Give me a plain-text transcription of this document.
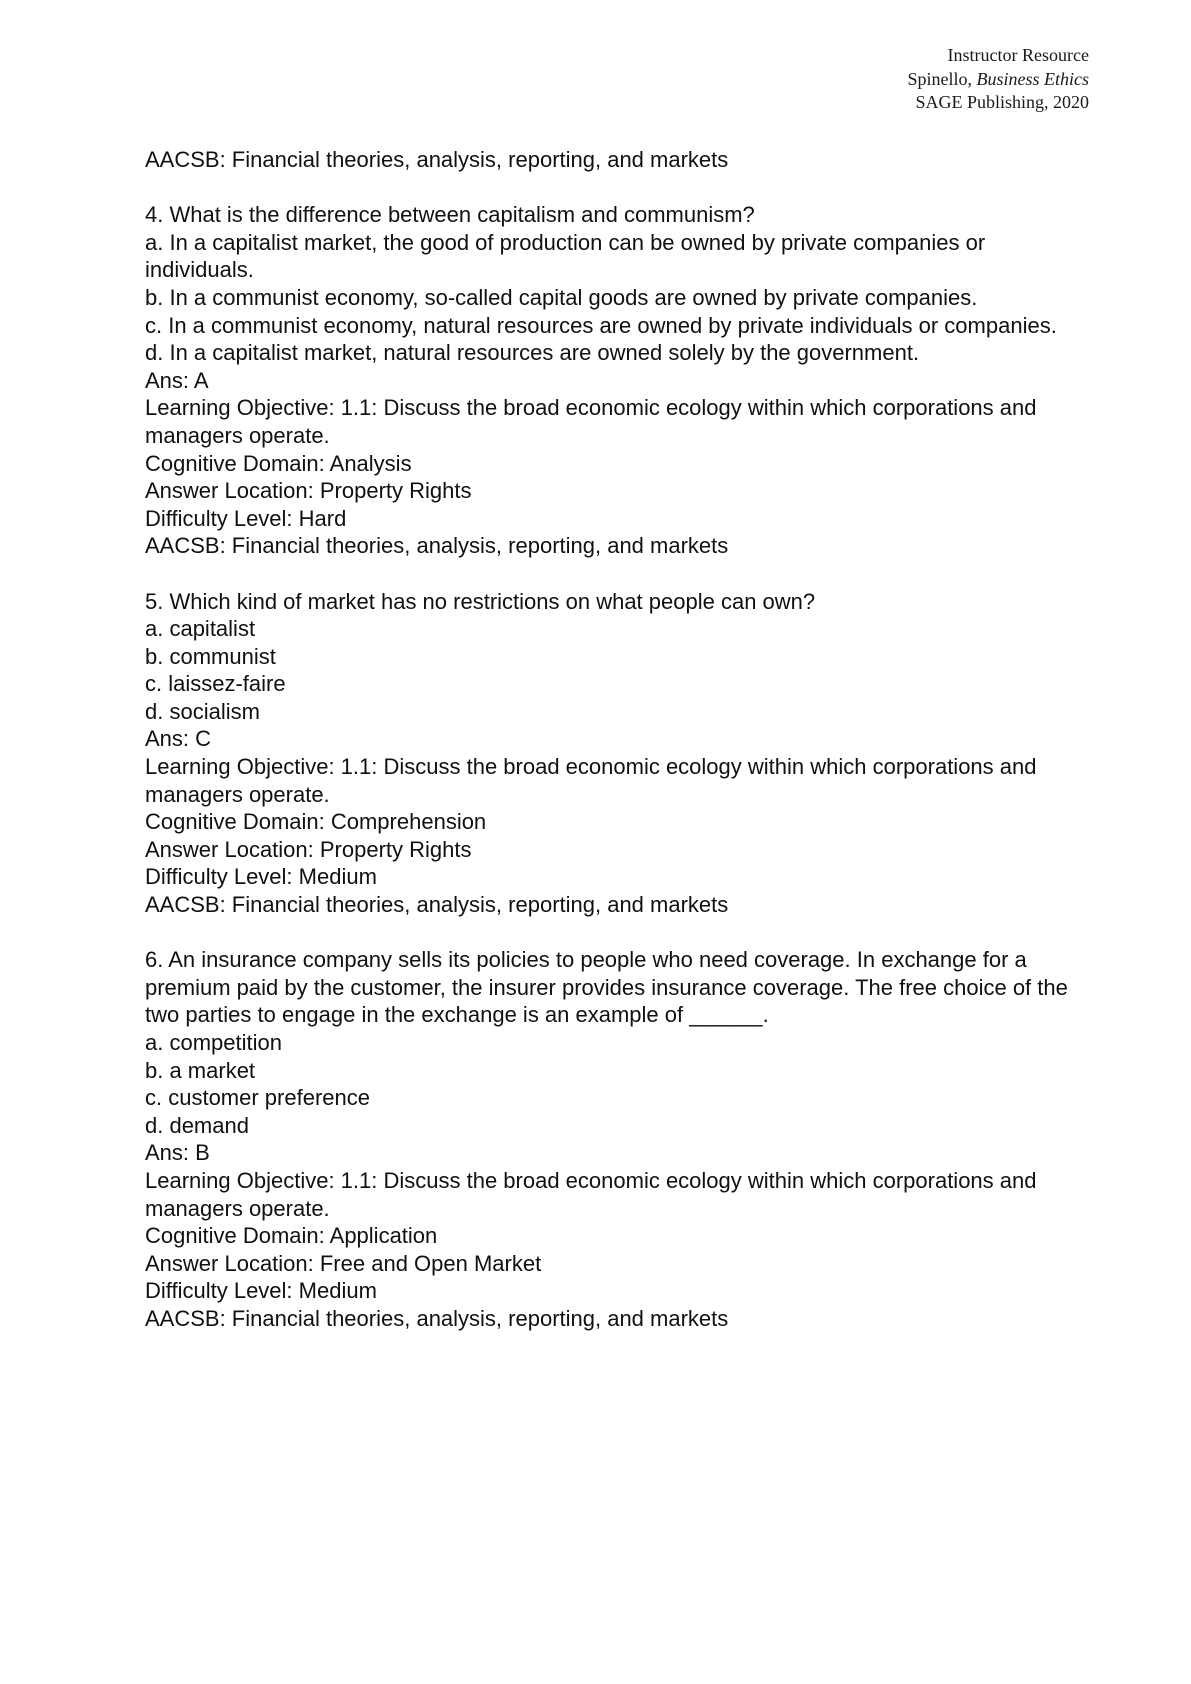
Instructor Resource
Spinello, Business Ethics
SAGE Publishing, 2020

AACSB: Financial theories, analysis, reporting, and markets

4. What is the difference between capitalism and communism?

a. In a capitalist market, the good of production can be owned by private companies or individuals.

b. In a communist economy, so-called capital goods are owned by private companies.

c. In a communist economy, natural resources are owned by private individuals or companies.

d. In a capitalist market, natural resources are owned solely by the government.

Ans: A

Learning Objective: 1.1: Discuss the broad economic ecology within which corporations and managers operate.

Cognitive Domain: Analysis

Answer Location: Property Rights

Difficulty Level: Hard

AACSB: Financial theories, analysis, reporting, and markets

5. Which kind of market has no restrictions on what people can own?

a. capitalist

b. communist

c. laissez-faire

d. socialism

Ans: C

Learning Objective: 1.1: Discuss the broad economic ecology within which corporations and managers operate.

Cognitive Domain: Comprehension

Answer Location: Property Rights

Difficulty Level: Medium

AACSB: Financial theories, analysis, reporting, and markets

6. An insurance company sells its policies to people who need coverage. In exchange for a premium paid by the customer, the insurer provides insurance coverage. The free choice of the two parties to engage in the exchange is an example of ______.

a. competition

b. a market

c. customer preference

d. demand

Ans: B

Learning Objective: 1.1: Discuss the broad economic ecology within which corporations and managers operate.

Cognitive Domain: Application

Answer Location: Free and Open Market

Difficulty Level: Medium

AACSB: Financial theories, analysis, reporting, and markets
